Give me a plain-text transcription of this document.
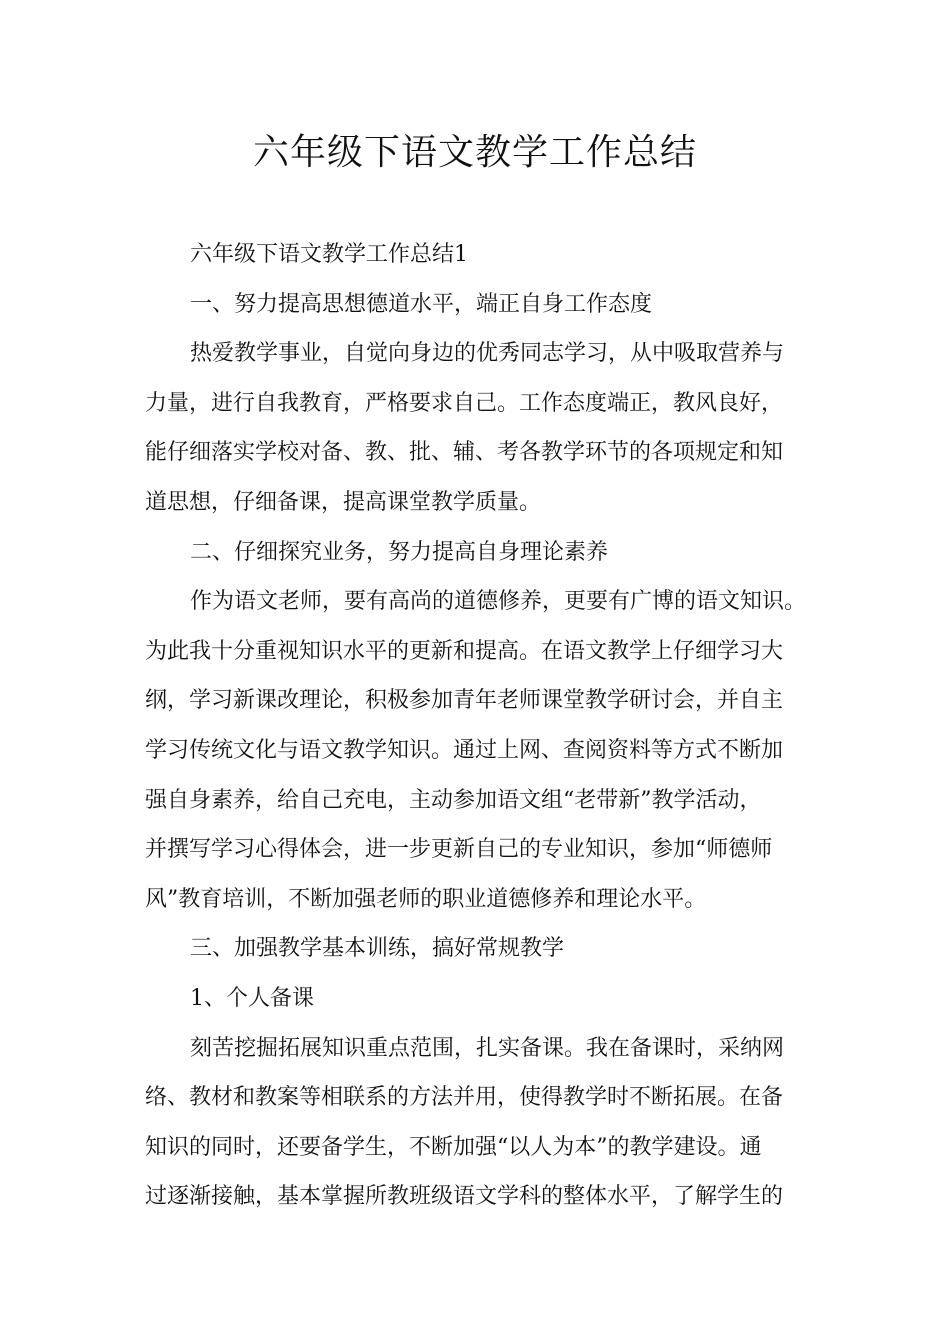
六年级下语文教学工作总结
六年级下语文教学工作总结1
一、努力提高思想德道水平，端正自身工作态度
热爱教学事业，自觉向身边的优秀同志学习，从中吸取营养与
力量，进行自我教育，严格要求自己。工作态度端正，教风良好，
能仔细落实学校对备、教、批、辅、考各教学环节的各项规定和知
道思想，仔细备课，提高课堂教学质量。
二、仔细探究业务，努力提高自身理论素养
作为语文老师，要有高尚的道德修养，更要有广博的语文知识。
为此我十分重视知识水平的更新和提高。在语文教学上仔细学习大
纲，学习新课改理论，积极参加青年老师课堂教学研讨会，并自主
学习传统文化与语文教学知识。通过上网、查阅资料等方式不断加
强自身素养，给自己充电，主动参加语文组“老带新”教学活动，
并撰写学习心得体会，进一步更新自己的专业知识，参加“师德师
风”教育培训，不断加强老师的职业道德修养和理论水平。
三、加强教学基本训练，搞好常规教学
1、个人备课
刻苦挖掘拓展知识重点范围，扎实备课。我在备课时，采纳网
络、教材和教案等相联系的方法并用，使得教学时不断拓展。在备
知识的同时，还要备学生，不断加强“以人为本”的教学建设。通
过逐渐接触，基本掌握所教班级语文学科的整体水平，了解学生的
